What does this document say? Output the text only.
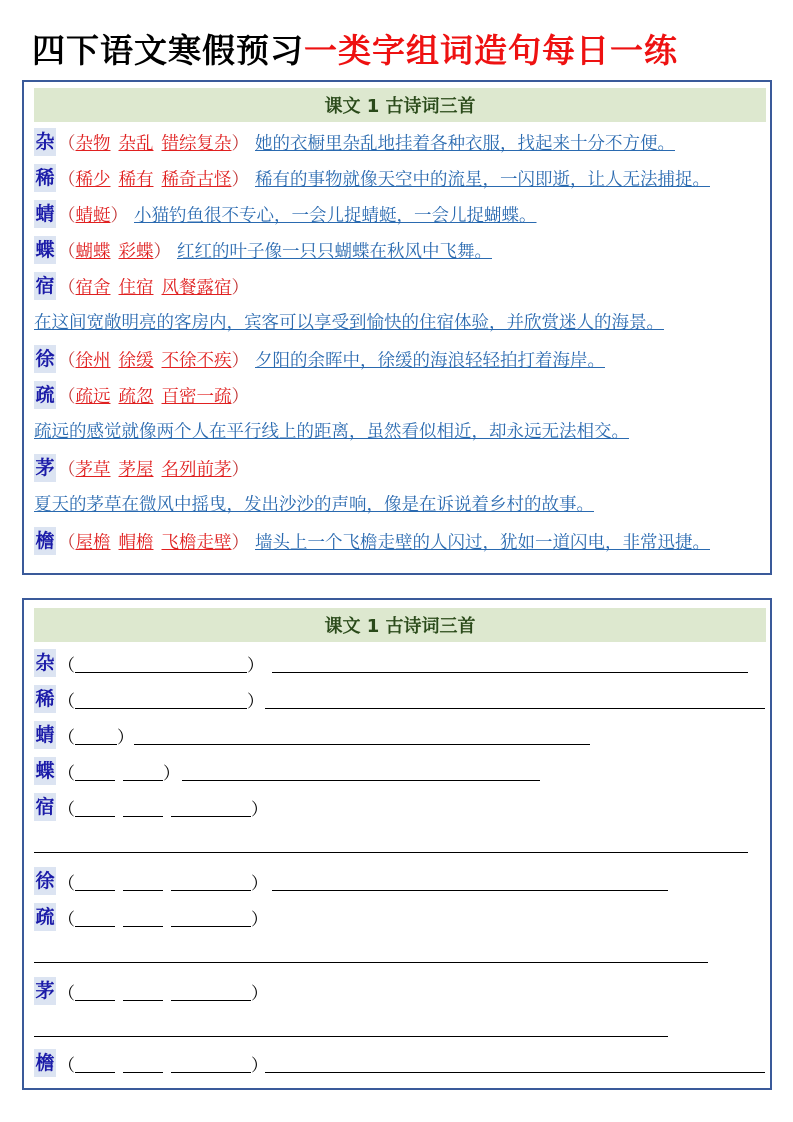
四下语文寒假预习 一类字组词造句每日一练
课文 1 古诗词三首
杂 （ 杂物 杂乱 错综复杂 ） 她的衣橱里杂乱地挂着各种衣服，找起来十分不方便。
稀 （ 稀少 稀有 稀奇古怪 ） 稀有的事物就像天空中的流星，一闪即逝，让人无法捕捉。
蜻 （ 蜻蜓 ） 小猫钓鱼很不专心，一会儿捉蜻蜓，一会儿捉蝴蝶。
蝶 （ 蝴蝶 彩蝶 ） 红红的叶子像一只只蝴蝶在秋风中飞舞。
宿 （ 宿舍 住宿 风餐露宿 ）
在这间宽敞明亮的客房内，宾客可以享受到愉快的住宿体验，并欣赏迷人的海景。
徐 （ 徐州 徐缓 不徐不疾 ） 夕阳的余晖中，徐缓的海浪轻轻拍打着海岸。
疏 （ 疏远 疏忽 百密一疏 ）
疏远的感觉就像两个人在平行线上的距离，虽然看似相近，却永远无法相交。
茅 （ 茅草 茅屋 名列前茅 ）
夏天的茅草在微风中摇曳，发出沙沙的声响，像是在诉说着乡村的故事。
檐 （ 屋檐 帽檐 飞檐走壁 ） 墙头上一个飞檐走壁的人闪过，犹如一道闪电，非常迅捷。
课文 1 古诗词三首
杂 （	）
稀 （	）
蜻 （ ）
蝶 （	）
宿 （	）
徐 （	）
疏 （	）
茅 （	）
檐 （	）
